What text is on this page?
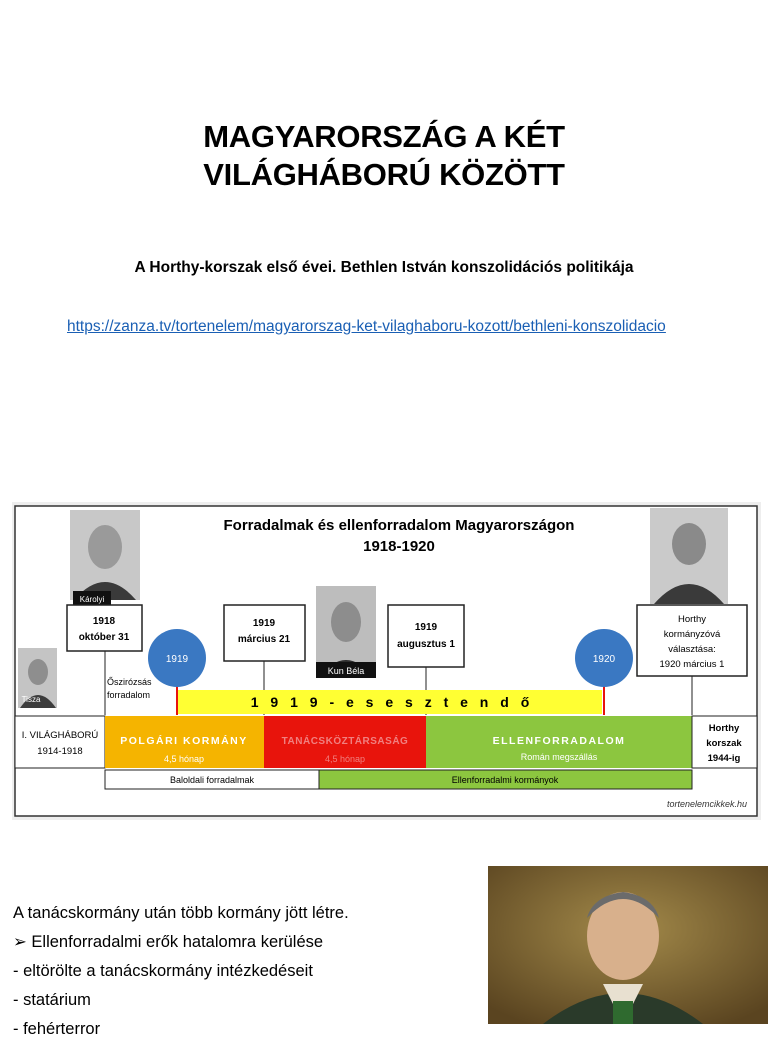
MAGYARORSZÁG A KÉT
VILÁGHÁBORÚ KÖZÖTT
A Horthy-korszak első évei. Bethlen István konszolidációs politikája
https://zanza.tv/tortenelem/magyarorszag-ket-vilaghaboru-kozott/bethleni-konszolidacio
Forradalmak és ellenforradalom Magyarországon
1918-1920
Károlyi
Tisza
Kun Béla
1918
október 31
1919
március 21
1919
augusztus 1
Horthy
kormányzóvá
választása:
1920 március 1
Őszirózsás
forradalom	1 9 1 9 - e s e s z t e n d ő
1919	1920
I. VILÁGHÁBORÚ
1914-1918
POLGÁRI KORMÁNY
4,5 hónap
TANÁCSKÖZTÁRSASÁG
4,5 hónap
ELLENFORRADALOM
Román megszállás
Horthy
korszak
1944-ig
Baloldali forradalmak	Ellenforradalmi kormányok
tortenelemcikkek.hu
A tanácskormány után több kormány jött létre.
➢ Ellenforradalmi erők hatalomra kerülése
- eltörölte a tanácskormány intézkedéseit
- statárium
- fehérterror
